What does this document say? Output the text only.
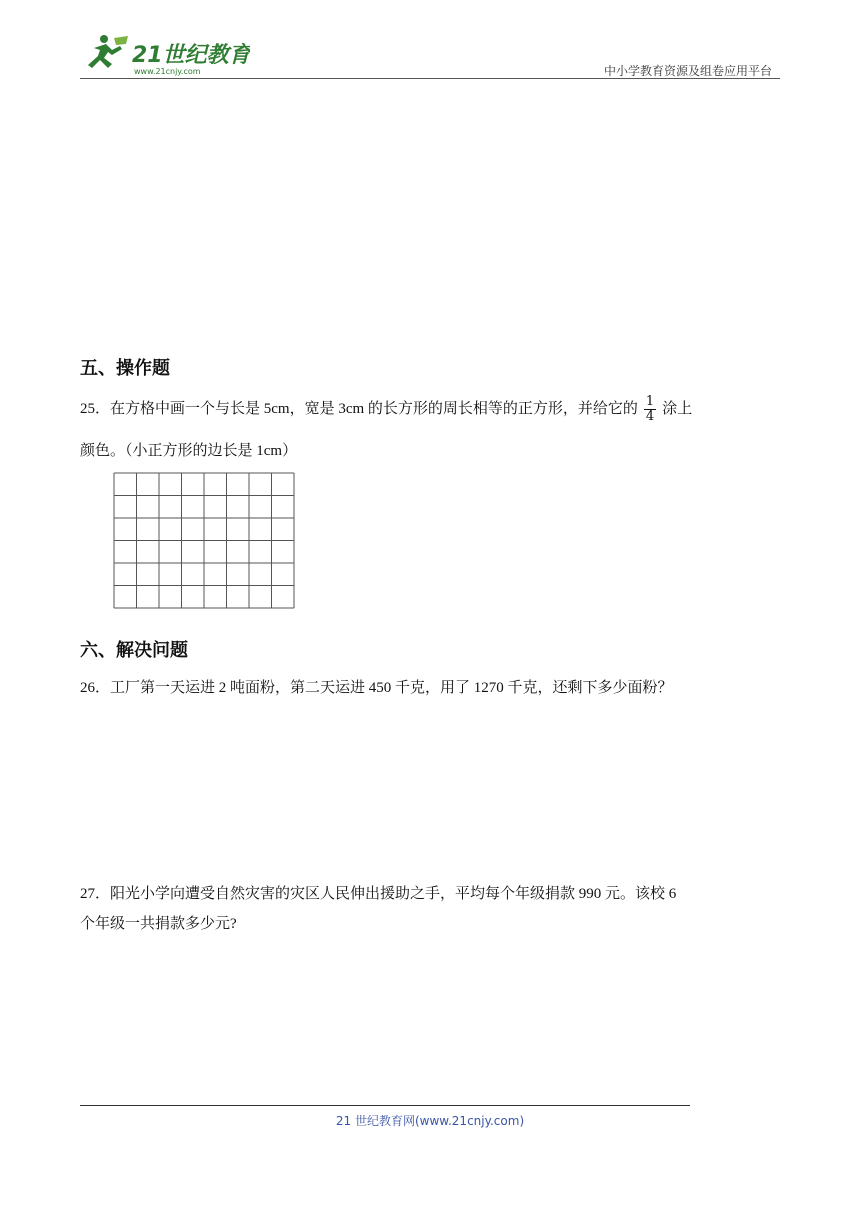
21世纪教育
www.21cnjy.com	中小学教育资源及组卷应用平台
五、操作题
25．在方格中画一个与长是 5cm，宽是 3cm 的长方形的周长相等的正方形，并给它的 $\frac{1}{4}$ 涂上
颜色。（小正方形的边长是 1cm）
六、解决问题
26．工厂第一天运进 2 吨面粉，第二天运进 450 千克，用了 1270 千克，还剩下多少面粉？
27．阳光小学向遭受自然灾害的灾区人民伸出援助之手，平均每个年级捐款 990 元。该校 6
个年级一共捐款多少元?
21 世纪教育网(www.21cnjy.com)
